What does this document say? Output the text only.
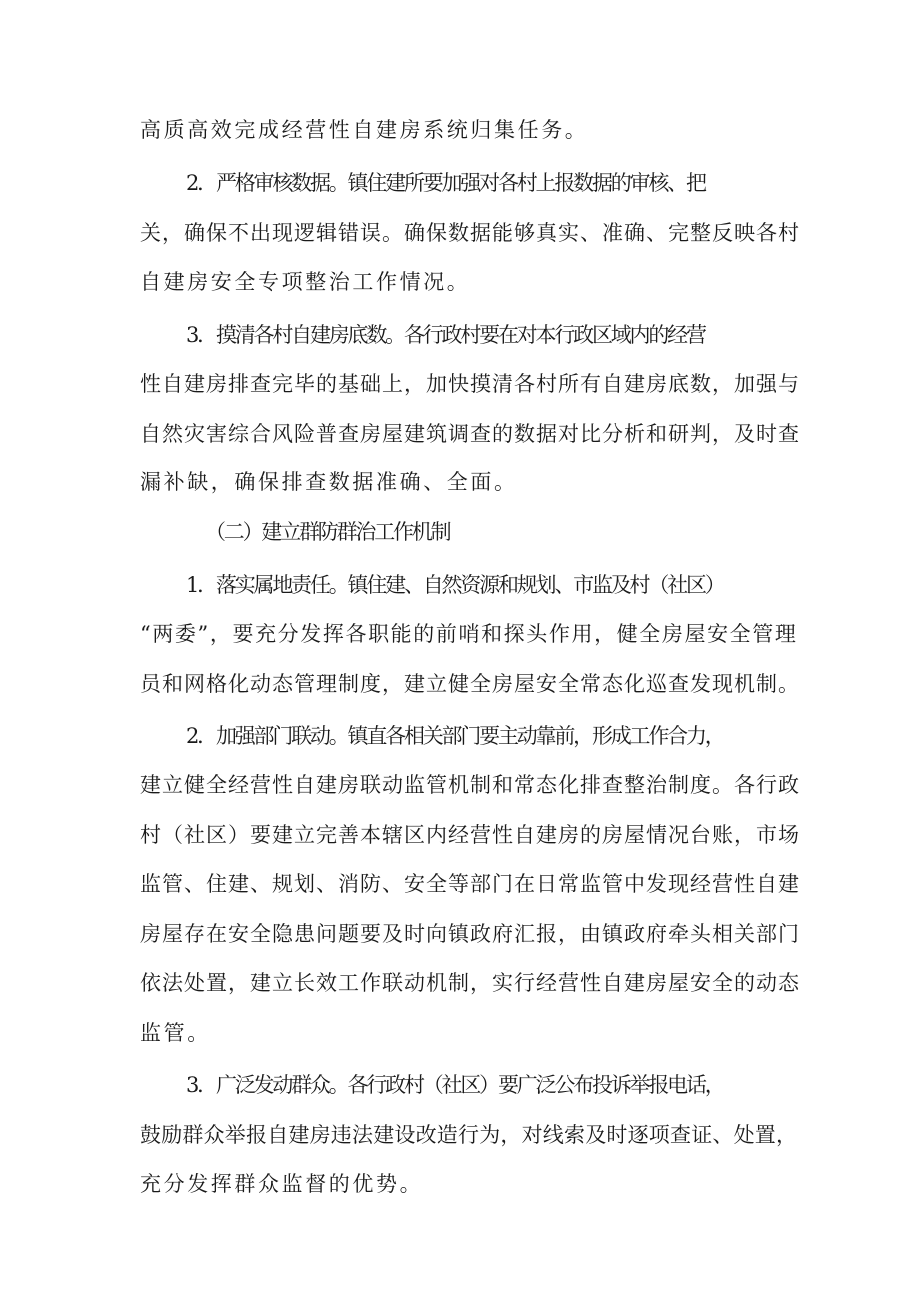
高质高效完成经营性自建房系统归集任务。
2．严格审核数据。镇住建所要加强对各村上报数据的审核、把
关，确保不出现逻辑错误。确保数据能够真实、准确、完整反映各村
自建房安全专项整治工作情况。
3．摸清各村自建房底数。各行政村要在对本行政区域内的经营
性自建房排查完毕的基础上，加快摸清各村所有自建房底数，加强与
自然灾害综合风险普查房屋建筑调查的数据对比分析和研判，及时查
漏补缺，确保排查数据准确、全面。
（二）建立群防群治工作机制
1．落实属地责任。镇住建、自然资源和规划、市监及村（社区）
“两委”，要充分发挥各职能的前哨和探头作用，健全房屋安全管理
员和网格化动态管理制度，建立健全房屋安全常态化巡查发现机制。
2．加强部门联动。镇直各相关部门要主动靠前，形成工作合力，
建立健全经营性自建房联动监管机制和常态化排查整治制度。各行政
村（社区）要建立完善本辖区内经营性自建房的房屋情况台账，市场
监管、住建、规划、消防、安全等部门在日常监管中发现经营性自建
房屋存在安全隐患问题要及时向镇政府汇报，由镇政府牵头相关部门
依法处置，建立长效工作联动机制，实行经营性自建房屋安全的动态
监管。
3．广泛发动群众。各行政村（社区）要广泛公布投诉举报电话，
鼓励群众举报自建房违法建设改造行为，对线索及时逐项查证、处置，
充分发挥群众监督的优势。
